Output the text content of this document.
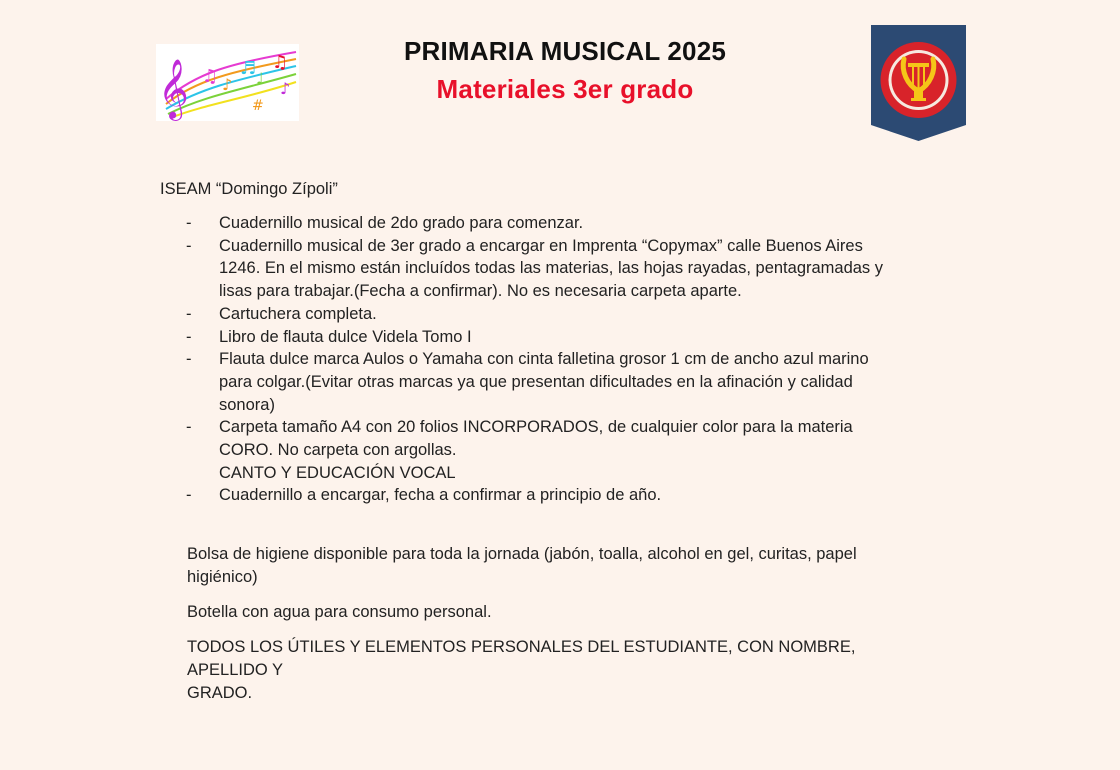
𝄞 ♫ ♪
♬ ♩
♫
#
♪
PRIMARIA MUSICAL 2025
Materiales 3er grado
ISEAM “Domingo Zípoli”
- Cuadernillo musical de 2do grado para comenzar.
- Cuadernillo musical de 3er grado a encargar en Imprenta “Copymax” calle Buenos Aires
1246. En el mismo están incluídos todas las materias, las hojas rayadas, pentagramadas y
lisas para trabajar.(Fecha a confirmar). No es necesaria carpeta aparte.
- Cartuchera completa.
- Libro de flauta dulce Videla Tomo I
- Flauta dulce marca Aulos o Yamaha con cinta falletina grosor 1 cm de ancho azul marino
para colgar.(Evitar otras marcas ya que presentan dificultades en la afinación y calidad
sonora)
- Carpeta tamaño A4 con 20 folios INCORPORADOS, de cualquier color para la materia
CORO. No carpeta con argollas.
CANTO Y EDUCACIÓN VOCAL
- Cuadernillo a encargar, fecha a confirmar a principio de año.
Bolsa de higiene disponible para toda la jornada (jabón, toalla, alcohol en gel, curitas, papel
higiénico)
Botella con agua para consumo personal.
TODOS LOS ÚTILES Y ELEMENTOS PERSONALES DEL ESTUDIANTE, CON NOMBRE, APELLIDO Y
GRADO.
